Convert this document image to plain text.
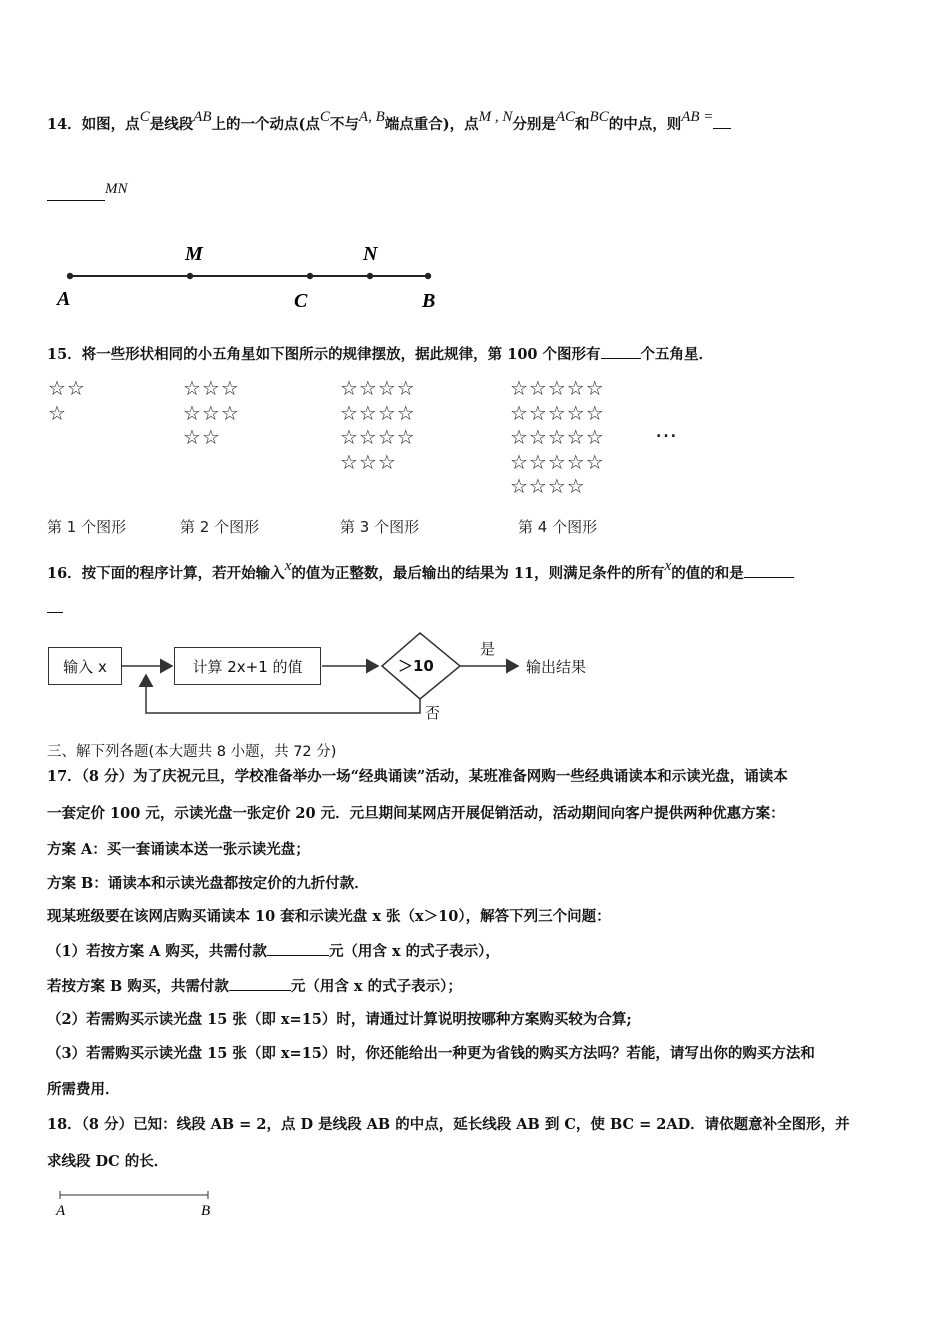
14．如图，点C是线段AB上的一个动点(点C不与A, B端点重合)，点M , N分别是AC和BC的中点，则AB =
MN
A
M
C
N
B
15．将一些形状相同的小五角星如下图所示的规律摆放，据此规律，第 100 个图形有	个五角星．
☆☆
☆
☆☆☆
☆☆☆
☆☆
☆☆☆☆
☆☆☆☆
☆☆☆☆
☆☆☆
☆☆☆☆☆
☆☆☆☆☆
☆☆☆☆☆
☆☆☆☆☆
☆☆☆☆
…
第 1 个图形	第 2 个图形	第 3 个图形	第 4 个图形
16．按下面的程序计算，若开始输入x的值为正整数，最后输出的结果为 11，则满足条件的所有x的值的和是
输入 x	计算 2x+1 的值	＞10
是
否
输出结果
三、解下列各题(本大题共 8 小题，共 72 分)
17．（8 分）为了庆祝元旦，学校准备举办一场“经典诵读”活动，某班准备网购一些经典诵读本和示读光盘，诵读本
一套定价 100 元，示读光盘一张定价 20 元．元旦期间某网店开展促销活动，活动期间向客户提供两种优惠方案：
方案 A：买一套诵读本送一张示读光盘；
方案 B：诵读本和示读光盘都按定价的九折付款．
现某班级要在该网店购买诵读本 10 套和示读光盘 x 张（x＞10），解答下列三个问题：
（1）若按方案 A 购买，共需付款	元（用含 x 的式子表示），
若按方案 B 购买，共需付款	元（用含 x 的式子表示）；
（2）若需购买示读光盘 15 张（即 x=15）时，请通过计算说明按哪种方案购买较为合算;
（3）若需购买示读光盘 15 张（即 x=15）时，你还能给出一种更为省钱的购买方法吗？若能，请写出你的购买方法和
所需费用．
18．（8 分）已知：线段 AB = 2，点 D 是线段 AB 的中点，延长线段 AB 到 C，使 BC = 2AD．请依题意补全图形，并
求线段 DC 的长．
A	B
